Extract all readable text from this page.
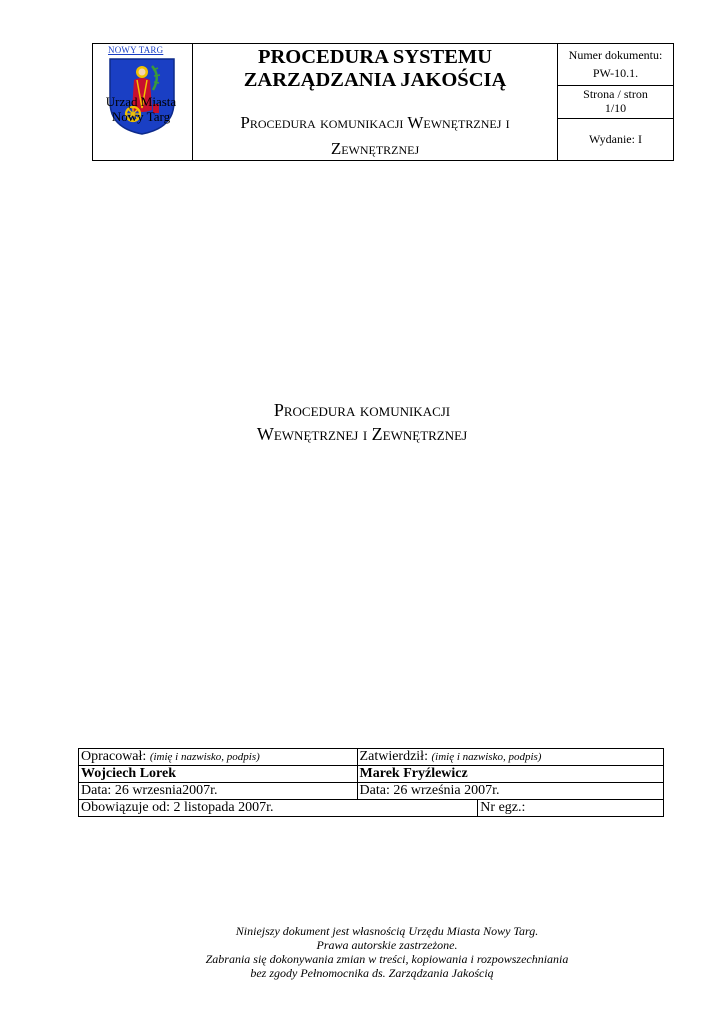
NOWY TARG
Urząd Miasta Nowy Targ
PROCEDURA SYSTEMU
ZARZĄDZANIA JAKOŚCIĄ
Procedura komunikacji Wewnętrznej i
Zewnętrznej
Numer dokumentu:
PW-10.1.
Strona / stron
1/10
Wydanie: I
Procedura komunikacji
Wewnętrznej i Zewnętrznej
Opracował: (imię i nazwisko, podpis)	Zatwierdził: (imię i nazwisko, podpis)	
Wojciech Lorek	Marek Fryźlewicz	
Data: 26 wrzesnia2007r.	Data: 26 września 2007r.	
Obowiązuje od: 2 listopada 2007r.		Nr egz.:
Niniejszy dokument jest własnością Urzędu Miasta Nowy Targ.
Prawa autorskie zastrzeżone.
Zabrania się dokonywania zmian w treści, kopiowania i rozpowszechniania
bez zgody Pełnomocnika ds. Zarządzania Jakością
